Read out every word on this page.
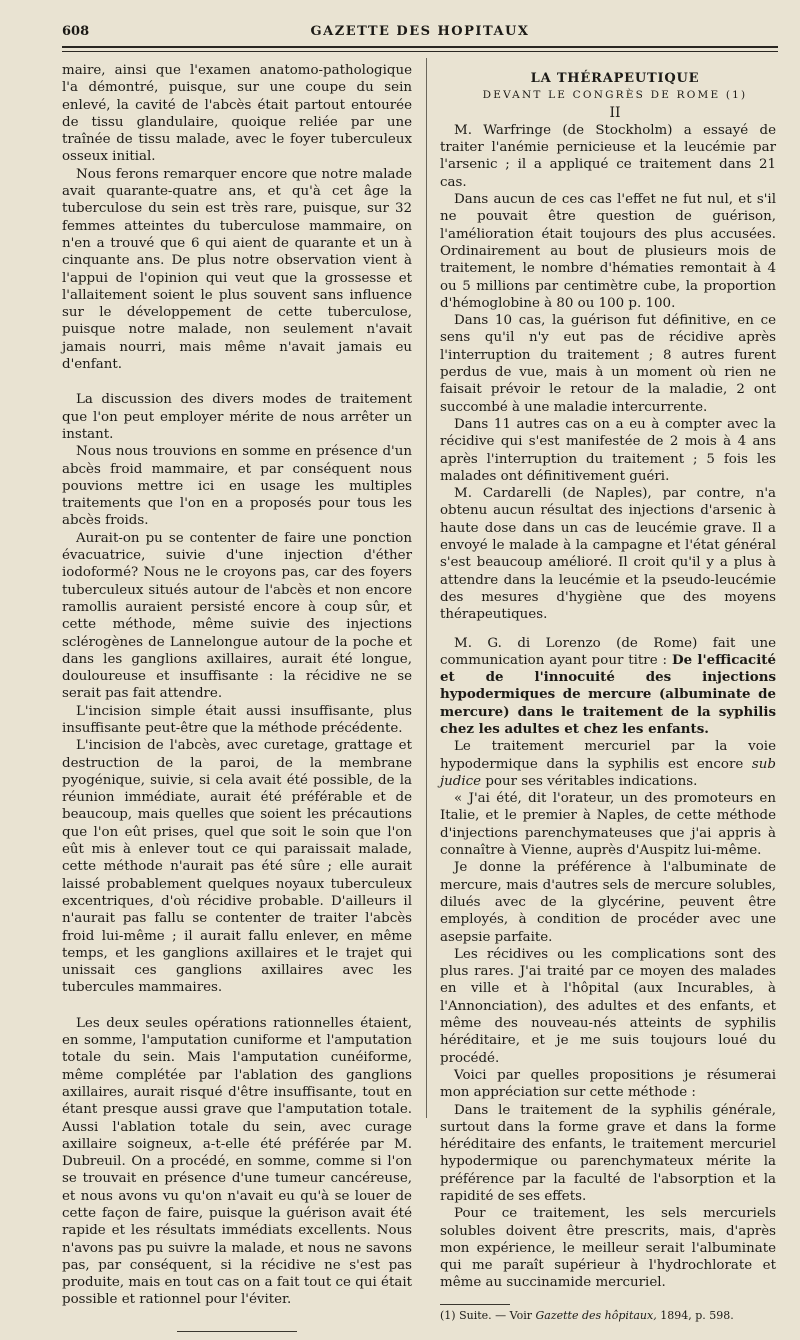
608	GAZETTE DES HOPITAUX

maire, ainsi que l'examen anatomo-pathologique l'a démontré, puisque, sur une coupe du sein enlevé, la cavité de l'abcès était partout entourée de tissu glandulaire, quoique reliée par une traînée de tissu malade, avec le foyer tuberculeux osseux initial.

Nous ferons remarquer encore que notre malade avait quarante-quatre ans, et qu'à cet âge la tuberculose du sein est très rare, puisque, sur 32 femmes atteintes du tuberculose mammaire, on n'en a trouvé que 6 qui aient de quarante et un à cinquante ans. De plus notre observation vient à l'appui de l'opinion qui veut que la grossesse et l'allaitement soient le plus souvent sans influence sur le développement de cette tuberculose, puisque notre malade, non seulement n'avait jamais nourri, mais même n'avait jamais eu d'enfant.

La discussion des divers modes de traitement que l'on peut employer mérite de nous arrêter un instant.

Nous nous trouvions en somme en présence d'un abcès froid mammaire, et par conséquent nous pouvions mettre ici en usage les multiples traitements que l'on en a proposés pour tous les abcès froids.

Aurait-on pu se contenter de faire une ponction évacuatrice, suivie d'une injection d'éther iodoformé? Nous ne le croyons pas, car des foyers tuberculeux situés autour de l'abcès et non encore ramollis auraient persisté encore à coup sûr, et cette méthode, même suivie des injections sclérogènes de Lannelongue autour de la poche et dans les ganglions axillaires, aurait été longue, douloureuse et insuffisante : la récidive ne se serait pas fait attendre.

L'incision simple était aussi insuffisante, plus insuffisante peut-être que la méthode précédente.

L'incision de l'abcès, avec curetage, grattage et destruction de la paroi, de la membrane pyogénique, suivie, si cela avait été possible, de la réunion immédiate, aurait été préférable et de beaucoup, mais quelles que soient les précautions que l'on eût prises, quel que soit le soin que l'on eût mis à enlever tout ce qui paraissait malade, cette méthode n'aurait pas été sûre ; elle aurait laissé probablement quelques noyaux tuberculeux excentriques, d'où récidive probable. D'ailleurs il n'aurait pas fallu se contenter de traiter l'abcès froid lui-même ; il aurait fallu enlever, en même temps, et les ganglions axillaires et le trajet qui unissait ces ganglions axillaires avec les tubercules mammaires.

Les deux seules opérations rationnelles étaient, en somme, l'amputation cuniforme et l'amputation totale du sein. Mais l'amputation cunéiforme, même complétée par l'ablation des ganglions axillaires, aurait risqué d'être insuffisante, tout en étant presque aussi grave que l'amputation totale. Aussi l'ablation totale du sein, avec curage axillaire soigneux, a-t-elle été préférée par M. Dubreuil. On a procédé, en somme, comme si l'on se trouvait en présence d'une tumeur cancéreuse, et nous avons vu qu'on n'avait eu qu'à se louer de cette façon de faire, puisque la guérison avait été rapide et les résultats immédiats excellents. Nous n'avons pas pu suivre la malade, et nous ne savons pas, par conséquent, si la récidive ne s'est pas produite, mais en tout cas on a fait tout ce qui était possible et rationnel pour l'éviter.

LA THÉRAPEUTIQUE

DEVANT LE CONGRÈS DE ROME (1)

II

M. Warfringe (de Stockholm) a essayé de traiter l'anémie pernicieuse et la leucémie par l'arsenic ; il a appliqué ce traitement dans 21 cas.

Dans aucun de ces cas l'effet ne fut nul, et s'il ne pouvait être question de guérison, l'amélioration était toujours des plus accusées. Ordinairement au bout de plusieurs mois de traitement, le nombre d'hématies remontait à 4 ou 5 millions par centimètre cube, la proportion d'hémoglobine à 80 ou 100 p. 100.

Dans 10 cas, la guérison fut définitive, en ce sens qu'il n'y eut pas de récidive après l'interruption du traitement ; 8 autres furent perdus de vue, mais à un moment où rien ne faisait prévoir le retour de la maladie, 2 ont succombé à une maladie intercurrente.

Dans 11 autres cas on a eu à compter avec la récidive qui s'est manifestée de 2 mois à 4 ans après l'interruption du traitement ; 5 fois les malades ont définitivement guéri.

M. Cardarelli (de Naples), par contre, n'a obtenu aucun résultat des injections d'arsenic à haute dose dans un cas de leucémie grave. Il a envoyé le malade à la campagne et l'état général s'est beaucoup amélioré. Il croit qu'il y a plus à attendre dans la leucémie et la pseudo-leucémie des mesures d'hygiène que des moyens thérapeutiques.

M. G. di Lorenzo (de Rome) fait une communication ayant pour titre : De l'efficacité et de l'innocuité des injections hypodermiques de mercure (albuminate de mercure) dans le traitement de la syphilis chez les adultes et chez les enfants.

Le traitement mercuriel par la voie hypodermique dans la syphilis est encore sub judice pour ses véritables indications.

« J'ai été, dit l'orateur, un des promoteurs en Italie, et le premier à Naples, de cette méthode d'injections parenchymateuses que j'ai appris à connaître à Vienne, auprès d'Auspitz lui-même.

Je donne la préférence à l'albuminate de mercure, mais d'autres sels de mercure solubles, dilués avec de la glycérine, peuvent être employés, à condition de procéder avec une asepsie parfaite.

Les récidives ou les complications sont des plus rares. J'ai traité par ce moyen des malades en ville et à l'hôpital (aux Incurables, à l'Annonciation), des adultes et des enfants, et même des nouveau-nés atteints de syphilis héréditaire, et je me suis toujours loué du procédé.

Voici par quelles propositions je résumerai mon appréciation sur cette méthode :

Dans le traitement de la syphilis générale, surtout dans la forme grave et dans la forme héréditaire des enfants, le traitement mercuriel hypodermique ou parenchymateux mérite la préférence par la faculté de l'absorption et la rapidité de ses effets.

Pour ce traitement, les sels mercuriels solubles doivent être prescrits, mais, d'après mon expérience, le meilleur serait l'albuminate qui me paraît supérieur à l'hydrochlorate et même au succinamide mercuriel.

(1) Suite. — Voir Gazette des hôpitaux, 1894, p. 598.
